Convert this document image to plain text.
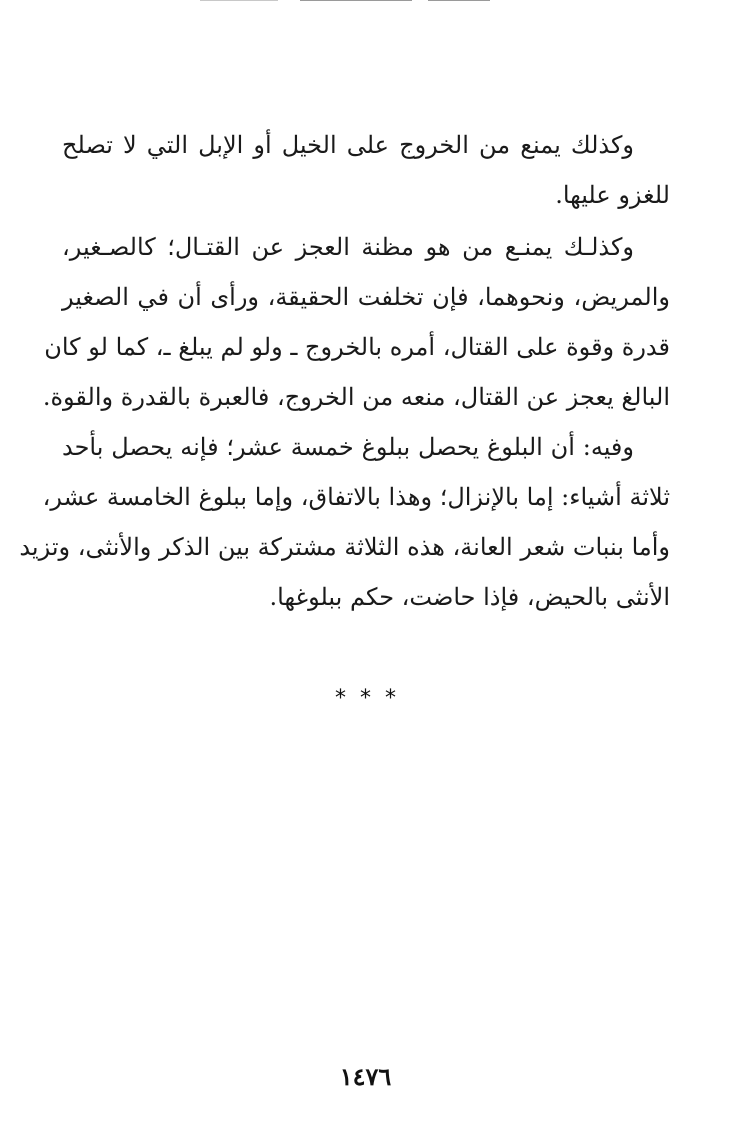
وكذلك يمنع من الخروج على الخيل أو الإبل التي لا تصلح
للغزو عليها.
وكذلـك يمنـع من هو مظنة العجز عن القتـال؛ كالصـغير،
والمريض، ونحوهما، فإن تخلفت الحقيقة، ورأى أن في الصغير
قدرة وقوة على القتال، أمره بالخروج ـ ولو لم يبلغ ـ، كما لو كان
البالغ يعجز عن القتال، منعه من الخروج، فالعبرة بالقدرة والقوة.
وفيه: أن البلوغ يحصل ببلوغ خمسة عشر؛ فإنه يحصل بأحد
ثلاثة أشياء: إما بالإنزال؛ وهذا بالاتفاق، وإما ببلوغ الخامسة عشر،
وأما بنبات شعر العانة، هذه الثلاثة مشتركة بين الذكر والأنثى، وتزيد
الأنثى بالحيض، فإذا حاضت، حكم ببلوغها.
***
١٤٧٦
